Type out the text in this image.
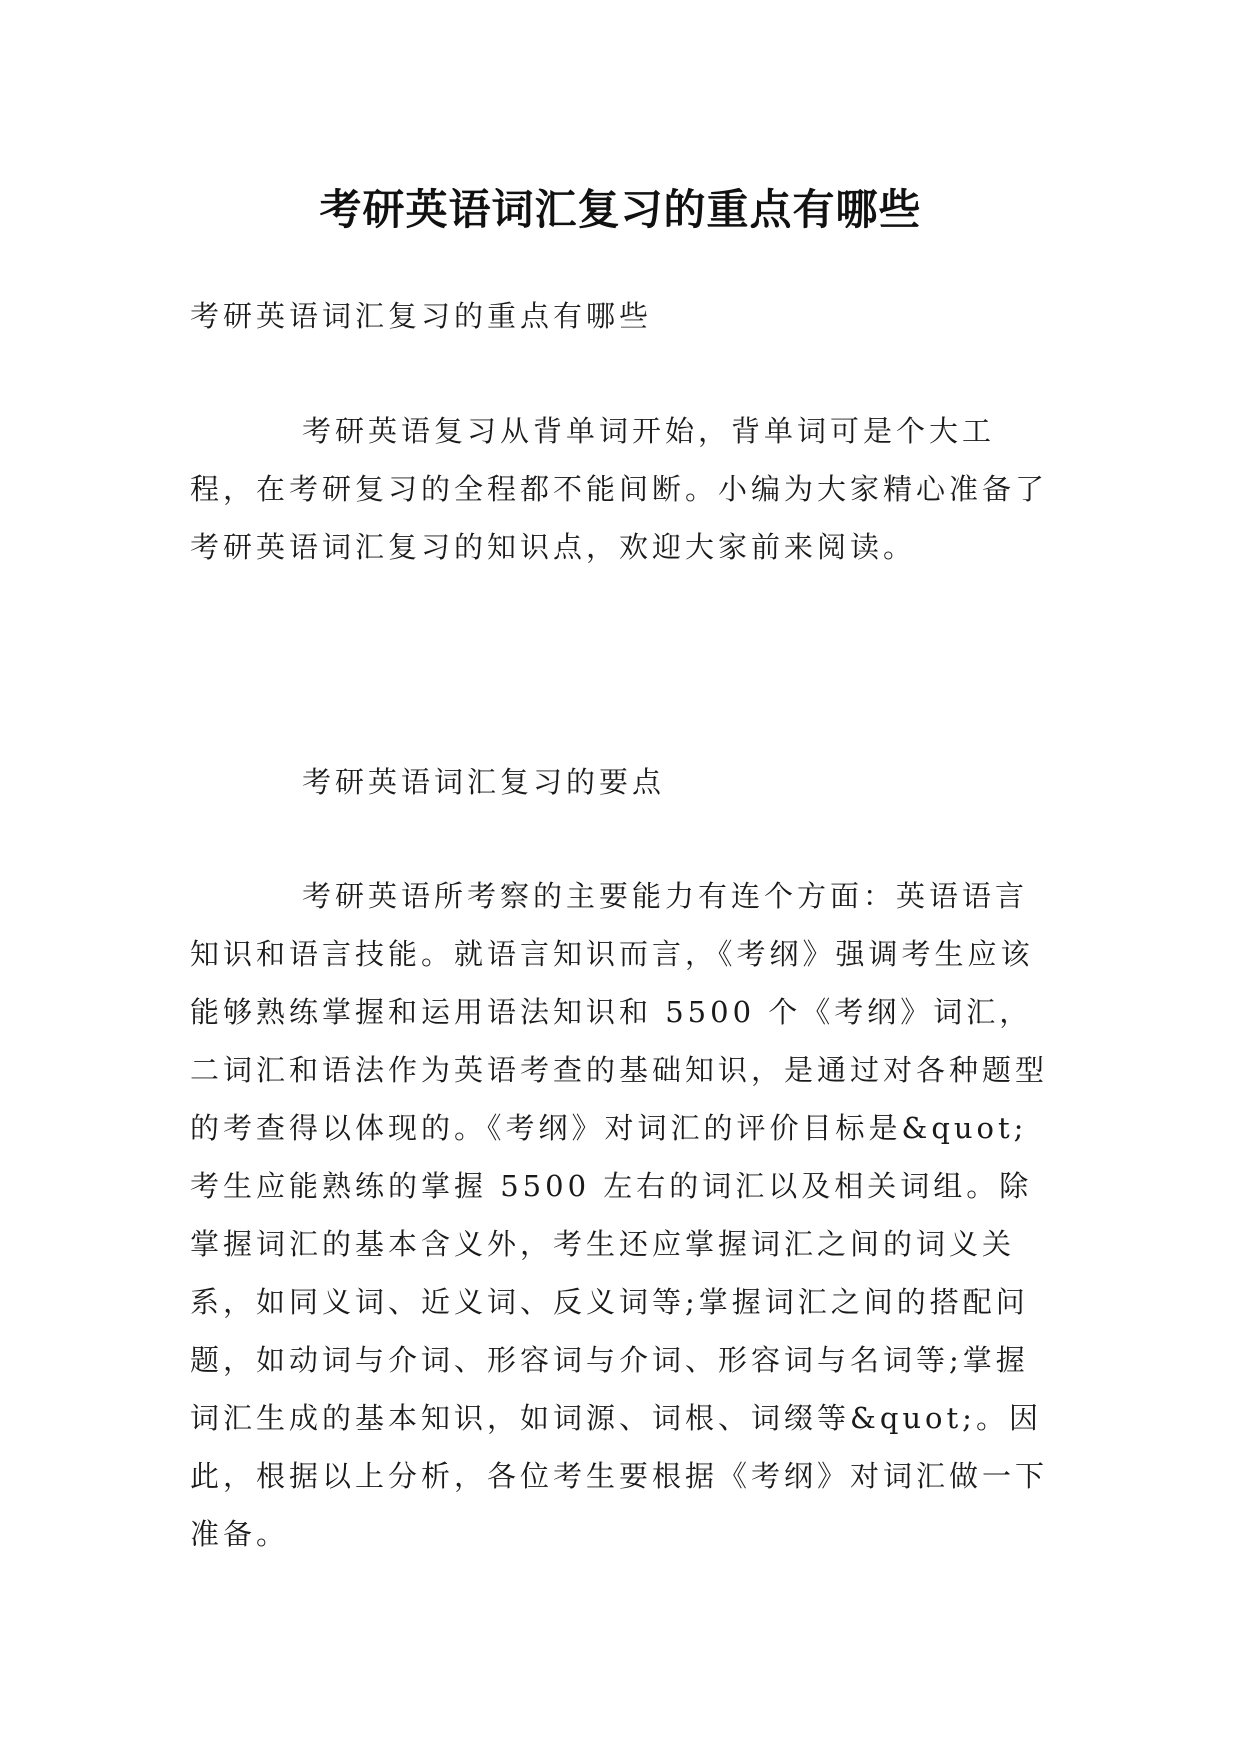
考研英语词汇复习的重点有哪些

考研英语词汇复习的重点有哪些

考研英语复习从背单词开始，背单词可是个大工程，在考研复习的全程都不能间断。小编为大家精心准备了考研英语词汇复习的知识点，欢迎大家前来阅读。

考研英语词汇复习的要点

考研英语所考察的主要能力有连个方面：英语语言知识和语言技能。就语言知识而言，《考纲》强调考生应该能够熟练掌握和运用语法知识和 5500 个《考纲》词汇，二词汇和语法作为英语考查的基础知识，是通过对各种题型的考查得以体现的。《考纲》对词汇的评价目标是&quot;考生应能熟练的掌握 5500 左右的词汇以及相关词组。除掌握词汇的基本含义外，考生还应掌握词汇之间的词义关系，如同义词、近义词、反义词等;掌握词汇之间的搭配问题，如动词与介词、形容词与介词、形容词与名词等;掌握词汇生成的基本知识，如词源、词根、词缀等&quot;。因此，根据以上分析，各位考生要根据《考纲》对词汇做一下准备。
